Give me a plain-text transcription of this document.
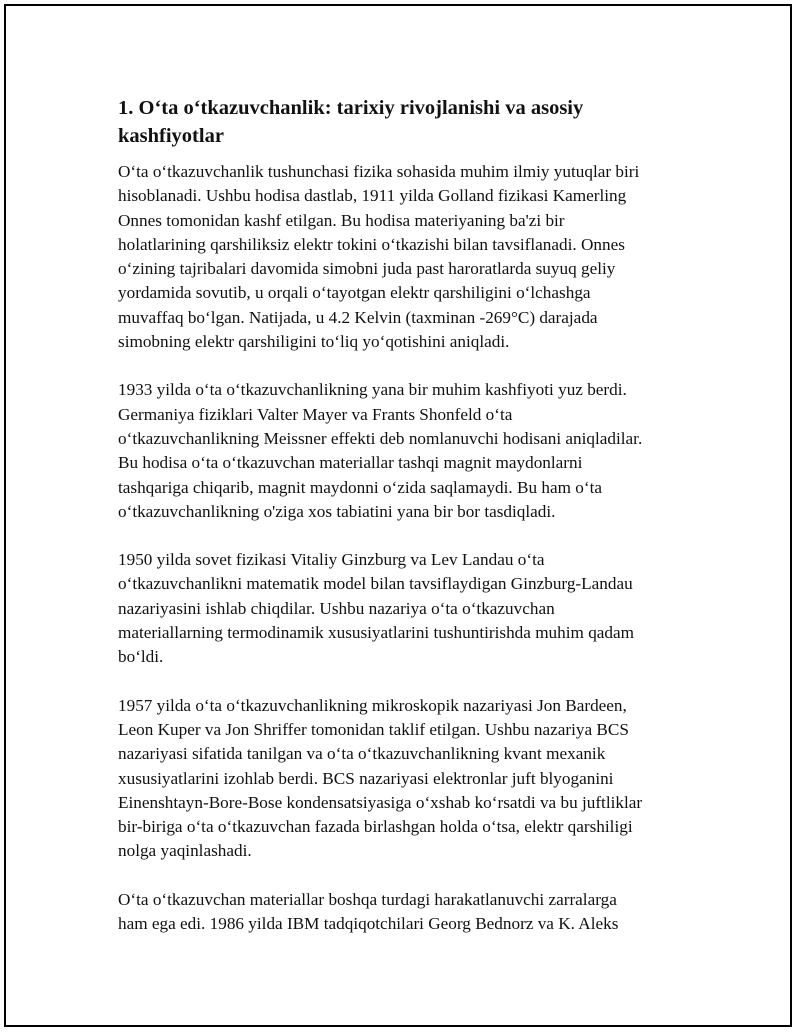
1. O‘ta o‘tkazuvchanlik: tarixiy rivojlanishi va asosiy
kashfiyotlar

O‘ta o‘tkazuvchanlik tushunchasi fizika sohasida muhim ilmiy yutuqlar biri
hisoblanadi. Ushbu hodisa dastlab, 1911 yilda Golland fizikasi Kamerling
Onnes tomonidan kashf etilgan. Bu hodisa materiyaning ba'zi bir
holatlarining qarshiliksiz elektr tokini o‘tkazishi bilan tavsiflanadi. Onnes
o‘zining tajribalari davomida simobni juda past haroratlarda suyuq geliy
yordamida sovutib, u orqali o‘tayotgan elektr qarshiligini o‘lchashga
muvaffaq bo‘lgan. Natijada, u 4.2 Kelvin (taxminan -269°C) darajada
simobning elektr qarshiligini to‘liq yo‘qotishini aniqladi.

1933 yilda o‘ta o‘tkazuvchanlikning yana bir muhim kashfiyoti yuz berdi.
Germaniya fiziklari Valter Mayer va Frants Shonfeld o‘ta
o‘tkazuvchanlikning Meissner effekti deb nomlanuvchi hodisani aniqladilar.
Bu hodisa o‘ta o‘tkazuvchan materiallar tashqi magnit maydonlarni
tashqariga chiqarib, magnit maydonni o‘zida saqlamaydi. Bu ham o‘ta
o‘tkazuvchanlikning o'ziga xos tabiatini yana bir bor tasdiqladi.

1950 yilda sovet fizikasi Vitaliy Ginzburg va Lev Landau o‘ta
o‘tkazuvchanlikni matematik model bilan tavsiflaydigan Ginzburg-Landau
nazariyasini ishlab chiqdilar. Ushbu nazariya o‘ta o‘tkazuvchan
materiallarning termodinamik xususiyatlarini tushuntirishda muhim qadam
bo‘ldi.

1957 yilda o‘ta o‘tkazuvchanlikning mikroskopik nazariyasi Jon Bardeen,
Leon Kuper va Jon Shriffer tomonidan taklif etilgan. Ushbu nazariya BCS
nazariyasi sifatida tanilgan va o‘ta o‘tkazuvchanlikning kvant mexanik
xususiyatlarini izohlab berdi. BCS nazariyasi elektronlar juft blyoganini
Einenshtayn-Bore-Bose kondensatsiyasiga o‘xshab ko‘rsatdi va bu juftliklar
bir-biriga o‘ta o‘tkazuvchan fazada birlashgan holda o‘tsa, elektr qarshiligi
nolga yaqinlashadi.

O‘ta o‘tkazuvchan materiallar boshqa turdagi harakatlanuvchi zarralarga
ham ega edi. 1986 yilda IBM tadqiqotchilari Georg Bednorz va K. Aleks
